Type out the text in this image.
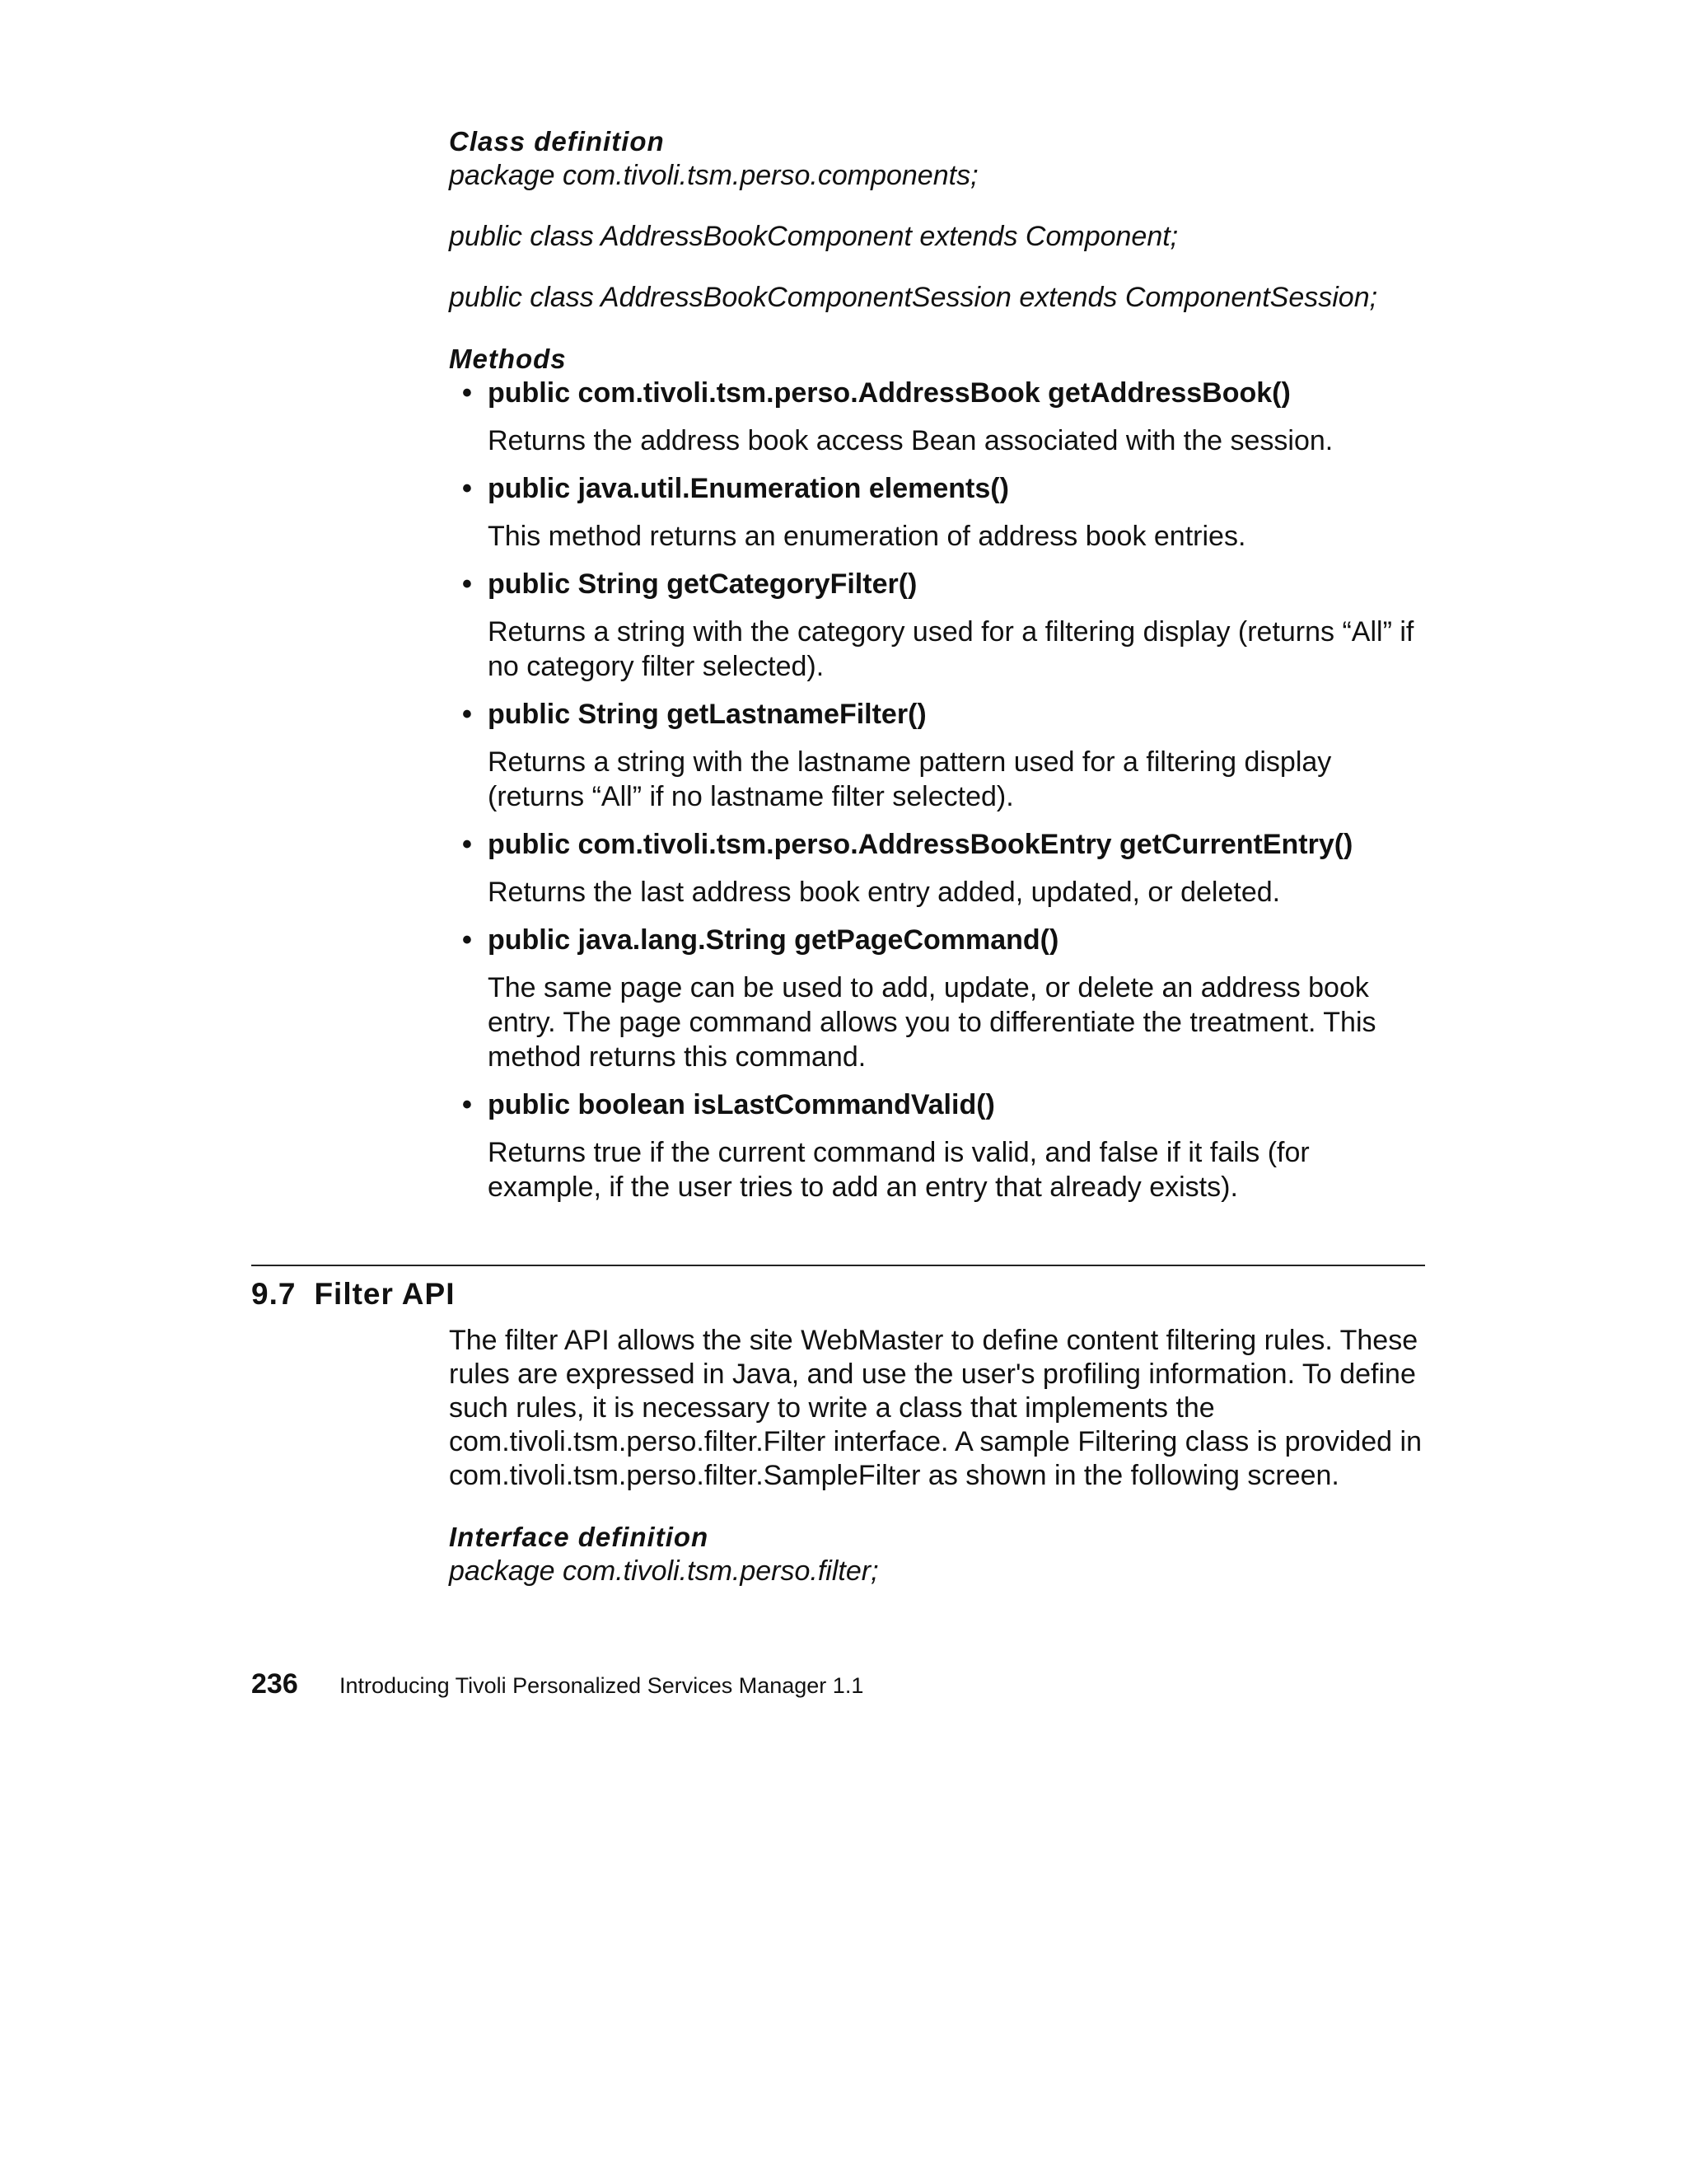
Class definition

package com.tivoli.tsm.perso.components;

public class AddressBookComponent extends Component;

public class AddressBookComponentSession extends ComponentSession;

Methods

• public com.tivoli.tsm.perso.AddressBook getAddressBook()

Returns the address book access Bean associated with the session.

• public java.util.Enumeration elements()

This method returns an enumeration of address book entries.

• public String getCategoryFilter()

Returns a string with the category used for a filtering display (returns “All” if no category filter selected).

• public String getLastnameFilter()

Returns a string with the lastname pattern used for a filtering display (returns “All” if no lastname filter selected).

• public com.tivoli.tsm.perso.AddressBookEntry getCurrentEntry()

Returns the last address book entry added, updated, or deleted.

• public java.lang.String getPageCommand()

The same page can be used to add, update, or delete an address book entry. The page command allows you to differentiate the treatment. This method returns this command.

• public boolean isLastCommandValid()

Returns true if the current command is valid, and false if it fails (for example, if the user tries to add an entry that already exists).

9.7 Filter API

The filter API allows the site WebMaster to define content filtering rules. These rules are expressed in Java, and use the user's profiling information. To define such rules, it is necessary to write a class that implements the com.tivoli.tsm.perso.filter.Filter interface. A sample Filtering class is provided in com.tivoli.tsm.perso.filter.SampleFilter as shown in the following screen.

Interface definition

package com.tivoli.tsm.perso.filter;

236 Introducing Tivoli Personalized Services Manager 1.1
